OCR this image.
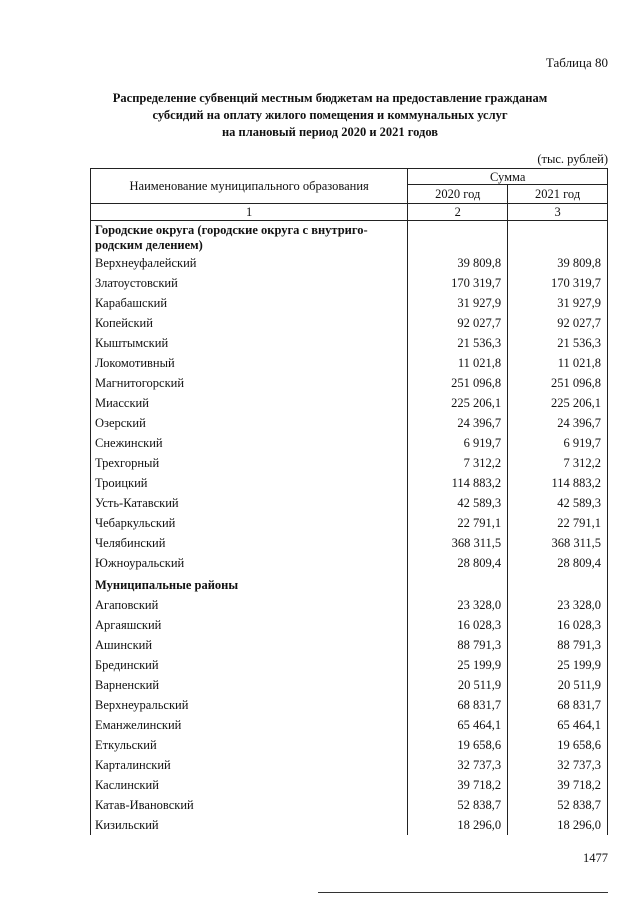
Таблица 80
Распределение субвенций местным бюджетам на предоставление гражданам
субсидий на оплату жилого помещения и коммунальных услуг
на плановый период 2020 и 2021 годов
(тыс. рублей)
Наименование муниципального образования	Сумма	
	2020 год	2021 год
1	2	3
Городские округа (городские округа с внутриго-родским делением)		
Верхнеуфалейский	39 809,8	39 809,8
Златоустовский	170 319,7	170 319,7
Карабашский	31 927,9	31 927,9
Копейский	92 027,7	92 027,7
Кыштымский	21 536,3	21 536,3
Локомотивный	11 021,8	11 021,8
Магнитогорский	251 096,8	251 096,8
Миасский	225 206,1	225 206,1
Озерский	24 396,7	24 396,7
Снежинский	6 919,7	6 919,7
Трехгорный	7 312,2	7 312,2
Троицкий	114 883,2	114 883,2
Усть-Катавский	42 589,3	42 589,3
Чебаркульский	22 791,1	22 791,1
Челябинский	368 311,5	368 311,5
Южноуральский	28 809,4	28 809,4
Муниципальные районы		
Агаповский	23 328,0	23 328,0
Аргаяшский	16 028,3	16 028,3
Ашинский	88 791,3	88 791,3
Брединский	25 199,9	25 199,9
Варненский	20 511,9	20 511,9
Верхнеуральский	68 831,7	68 831,7
Еманжелинский	65 464,1	65 464,1
Еткульский	19 658,6	19 658,6
Карталинский	32 737,3	32 737,3
Каслинский	39 718,2	39 718,2
Катав-Ивановский	52 838,7	52 838,7
Кизильский	18 296,0	18 296,0
1477
